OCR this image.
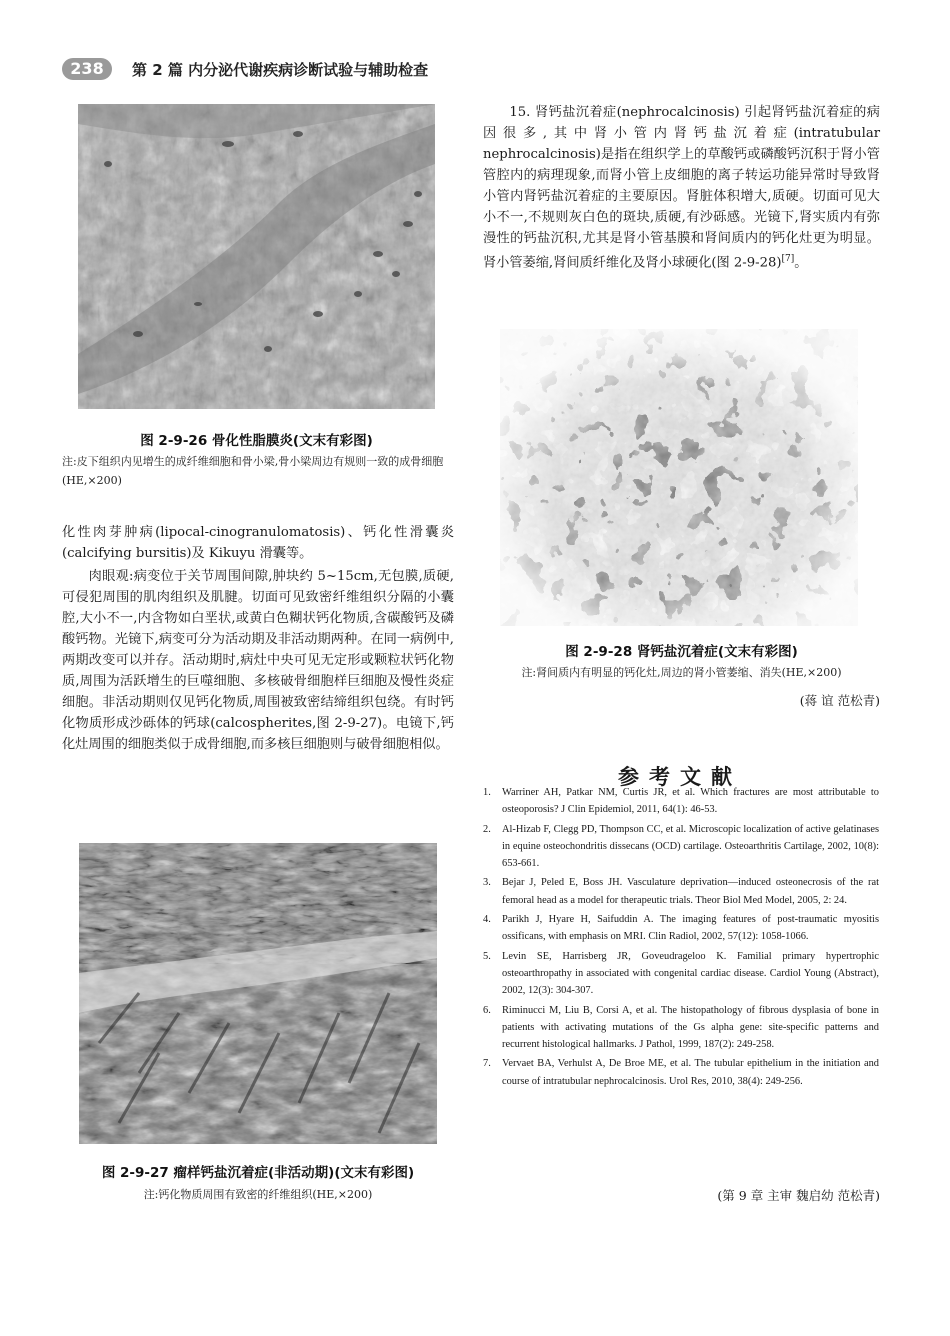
238	第 2 篇 内分泌代谢疾病诊断试验与辅助检查
图 2-9-26 骨化性脂膜炎(文末有彩图)
注:皮下组织内见增生的成纤维细胞和骨小梁,骨小梁周边有规则一致的成骨细胞(HE,×200)
化性肉芽肿病(lipocal-cinogranulomatosis)、钙化性滑囊炎(calcifying bursitis)及 Kikuyu 滑囊等。
肉眼观:病变位于关节周围间隙,肿块约 5~15cm,无包膜,质硬,可侵犯周围的肌肉组织及肌腱。切面可见致密纤维组织分隔的小囊腔,大小不一,内含物如白垩状,或黄白色糊状钙化物质,含碳酸钙及磷酸钙物。光镜下,病变可分为活动期及非活动期两种。在同一病例中,两期改变可以并存。活动期时,病灶中央可见无定形或颗粒状钙化物质,周围为活跃增生的巨噬细胞、多核破骨细胞样巨细胞及慢性炎症细胞。非活动期则仅见钙化物质,周围被致密结缔组织包绕。有时钙化物质形成沙砾体的钙球(calcospherites,图 2-9-27)。电镜下,钙化灶周围的细胞类似于成骨细胞,而多核巨细胞则与破骨细胞相似。
图 2-9-27 瘤样钙盐沉着症(非活动期)(文末有彩图)
注:钙化物质周围有致密的纤维组织(HE,×200)
15. 肾钙盐沉着症(nephrocalcinosis) 引起肾钙盐沉着症的病因很多,其中肾小管内肾钙盐沉着症(intratubular nephrocalcinosis)是指在组织学上的草酸钙或磷酸钙沉积于肾小管管腔内的病理现象,而肾小管上皮细胞的离子转运功能异常时导致肾小管内肾钙盐沉着症的主要原因。肾脏体积增大,质硬。切面可见大小不一,不规则灰白色的斑块,质硬,有沙砾感。光镜下,肾实质内有弥漫性的钙盐沉积,尤其是肾小管基膜和肾间质内的钙化灶更为明显。肾小管萎缩,肾间质纤维化及肾小球硬化(图 2-9-28)[7]。
图 2-9-28 肾钙盐沉着症(文末有彩图)
注:肾间质内有明显的钙化灶,周边的肾小管萎缩、消失(HE,×200)
(蒋 谊 范松青)
参考文献
1. Warriner AH, Patkar NM, Curtis JR, et al. Which fractures are most attributable to osteoporosis? J Clin Epidemiol, 2011, 64(1): 46-53.
2. Al-Hizab F, Clegg PD, Thompson CC, et al. Microscopic localization of active gelatinases in equine osteochondritis dissecans (OCD) cartilage. Osteoarthritis Cartilage, 2002, 10(8): 653-661.
3. Bejar J, Peled E, Boss JH. Vasculature deprivation—induced osteonecrosis of the rat femoral head as a model for therapeutic trials. Theor Biol Med Model, 2005, 2: 24.
4. Parikh J, Hyare H, Saifuddin A. The imaging features of post-traumatic myositis ossificans, with emphasis on MRI. Clin Radiol, 2002, 57(12): 1058-1066.
5. Levin SE, Harrisberg JR, Goveudrageloo K. Familial primary hypertrophic osteoarthropathy in associated with congenital cardiac disease. Cardiol Young (Abstract), 2002, 12(3): 304-307.
6. Riminucci M, Liu B, Corsi A, et al. The histopathology of fibrous dysplasia of bone in patients with activating mutations of the Gs alpha gene: site-specific patterns and recurrent histological hallmarks. J Pathol, 1999, 187(2): 249-258.
7. Vervaet BA, Verhulst A, De Broe ME, et al. The tubular epithelium in the initiation and course of intratubular nephrocalcinosis. Urol Res, 2010, 38(4): 249-256.
(第 9 章 主审 魏启幼 范松青)
